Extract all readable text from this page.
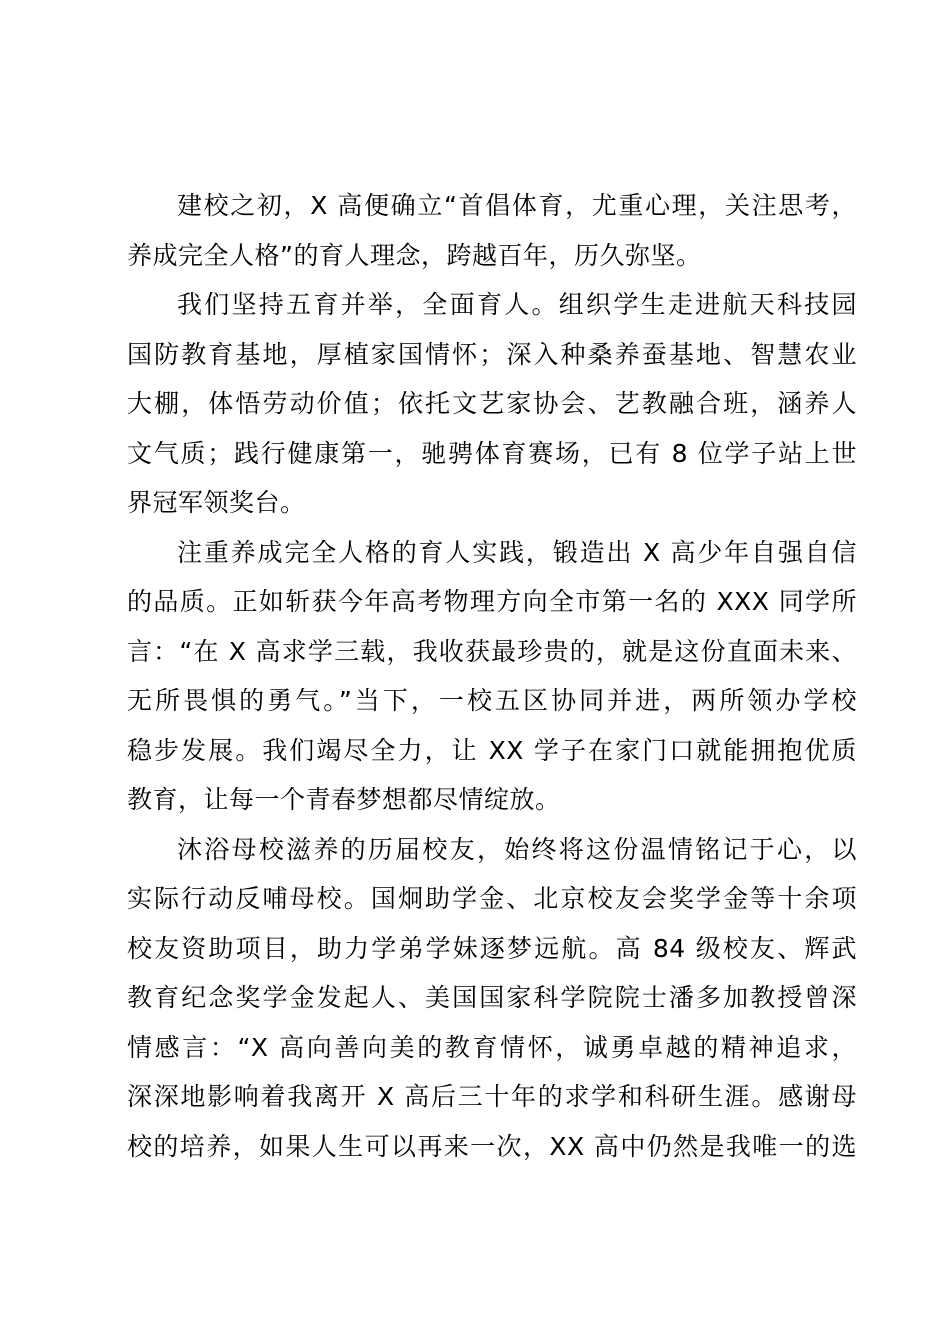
建校之初，X 高便确立“首倡体育，尤重心理，关注思考，
养成完全人格”的育人理念，跨越百年，历久弥坚。
我们坚持五育并举，全面育人。组织学生走进航天科技园
国防教育基地，厚植家国情怀；深入种桑养蚕基地、智慧农业
大棚，体悟劳动价值；依托文艺家协会、艺教融合班，涵养人
文气质；践行健康第一，驰骋体育赛场，已有 8 位学子站上世
界冠军领奖台。
注重养成完全人格的育人实践，锻造出 X 高少年自强自信
的品质。正如斩获今年高考物理方向全市第一名的 XXX 同学所
言：“在 X 高求学三载，我收获最珍贵的，就是这份直面未来、
无所畏惧的勇气。”当下，一校五区协同并进，两所领办学校
稳步发展。我们竭尽全力，让 XX 学子在家门口就能拥抱优质
教育，让每一个青春梦想都尽情绽放。
沐浴母校滋养的历届校友，始终将这份温情铭记于心，以
实际行动反哺母校。国炯助学金、北京校友会奖学金等十余项
校友资助项目，助力学弟学妹逐梦远航。高 84 级校友、辉武
教育纪念奖学金发起人、美国国家科学院院士潘多加教授曾深
情感言：“X 高向善向美的教育情怀，诚勇卓越的精神追求，
深深地影响着我离开 X 高后三十年的求学和科研生涯。感谢母
校的培养，如果人生可以再来一次，XX 高中仍然是我唯一的选
